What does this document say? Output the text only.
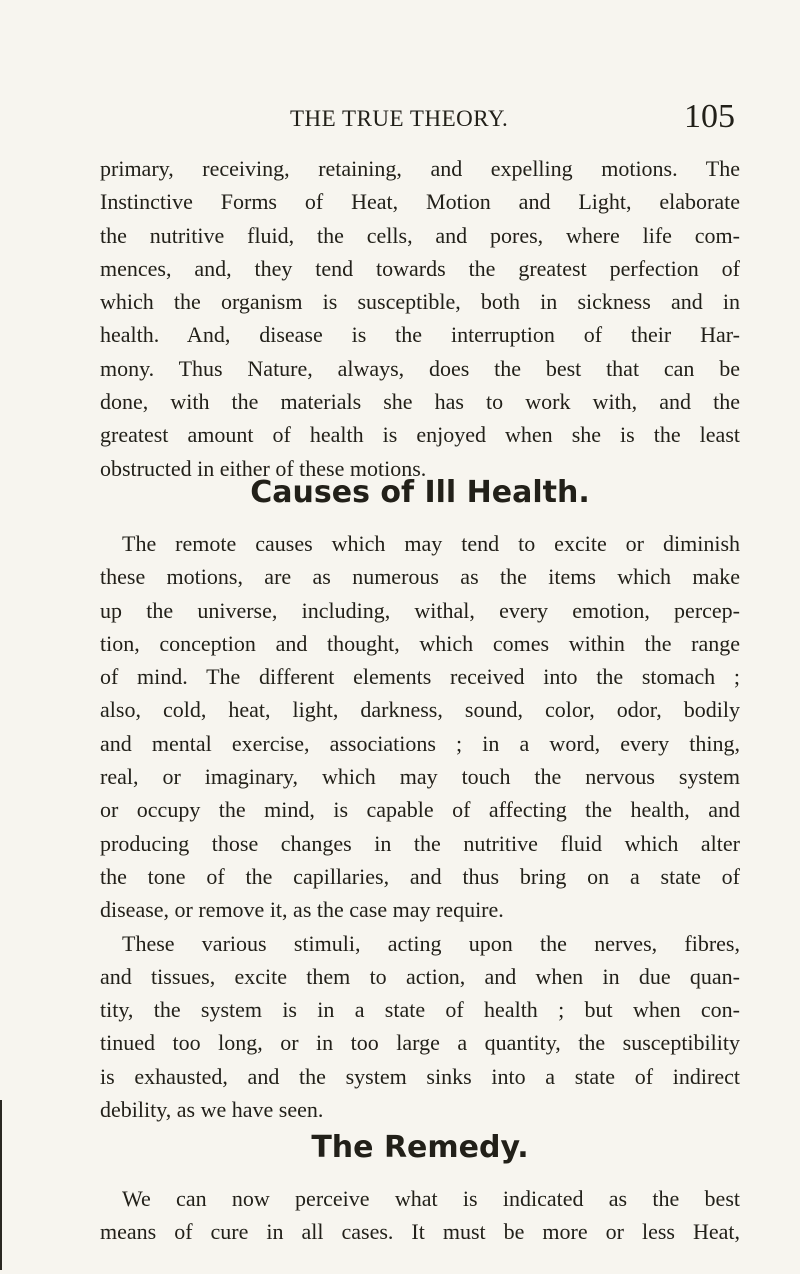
THE TRUE THEORY.	105
primary, receiving, retaining, and expelling motions. The
Instinctive Forms of Heat, Motion and Light, elaborate
the nutritive fluid, the cells, and pores, where life com-
mences, and, they tend towards the greatest perfection of
which the organism is susceptible, both in sickness and in
health. And, disease is the interruption of their Har-
mony. Thus Nature, always, does the best that can be
done, with the materials she has to work with, and the
greatest amount of health is enjoyed when she is the least
obstructed in either of these motions.
Causes of Ill Health.
The remote causes which may tend to excite or diminish
these motions, are as numerous as the items which make
up the universe, including, withal, every emotion, percep-
tion, conception and thought, which comes within the range
of mind. The different elements received into the stomach ;
also, cold, heat, light, darkness, sound, color, odor, bodily
and mental exercise, associations ; in a word, every thing,
real, or imaginary, which may touch the nervous system
or occupy the mind, is capable of affecting the health, and
producing those changes in the nutritive fluid which alter
the tone of the capillaries, and thus bring on a state of
disease, or remove it, as the case may require.
These various stimuli, acting upon the nerves, fibres,
and tissues, excite them to action, and when in due quan-
tity, the system is in a state of health ; but when con-
tinued too long, or in too large a quantity, the susceptibility
is exhausted, and the system sinks into a state of indirect
debility, as we have seen.
The Remedy.
We can now perceive what is indicated as the best
means of cure in all cases. It must be more or less Heat,
